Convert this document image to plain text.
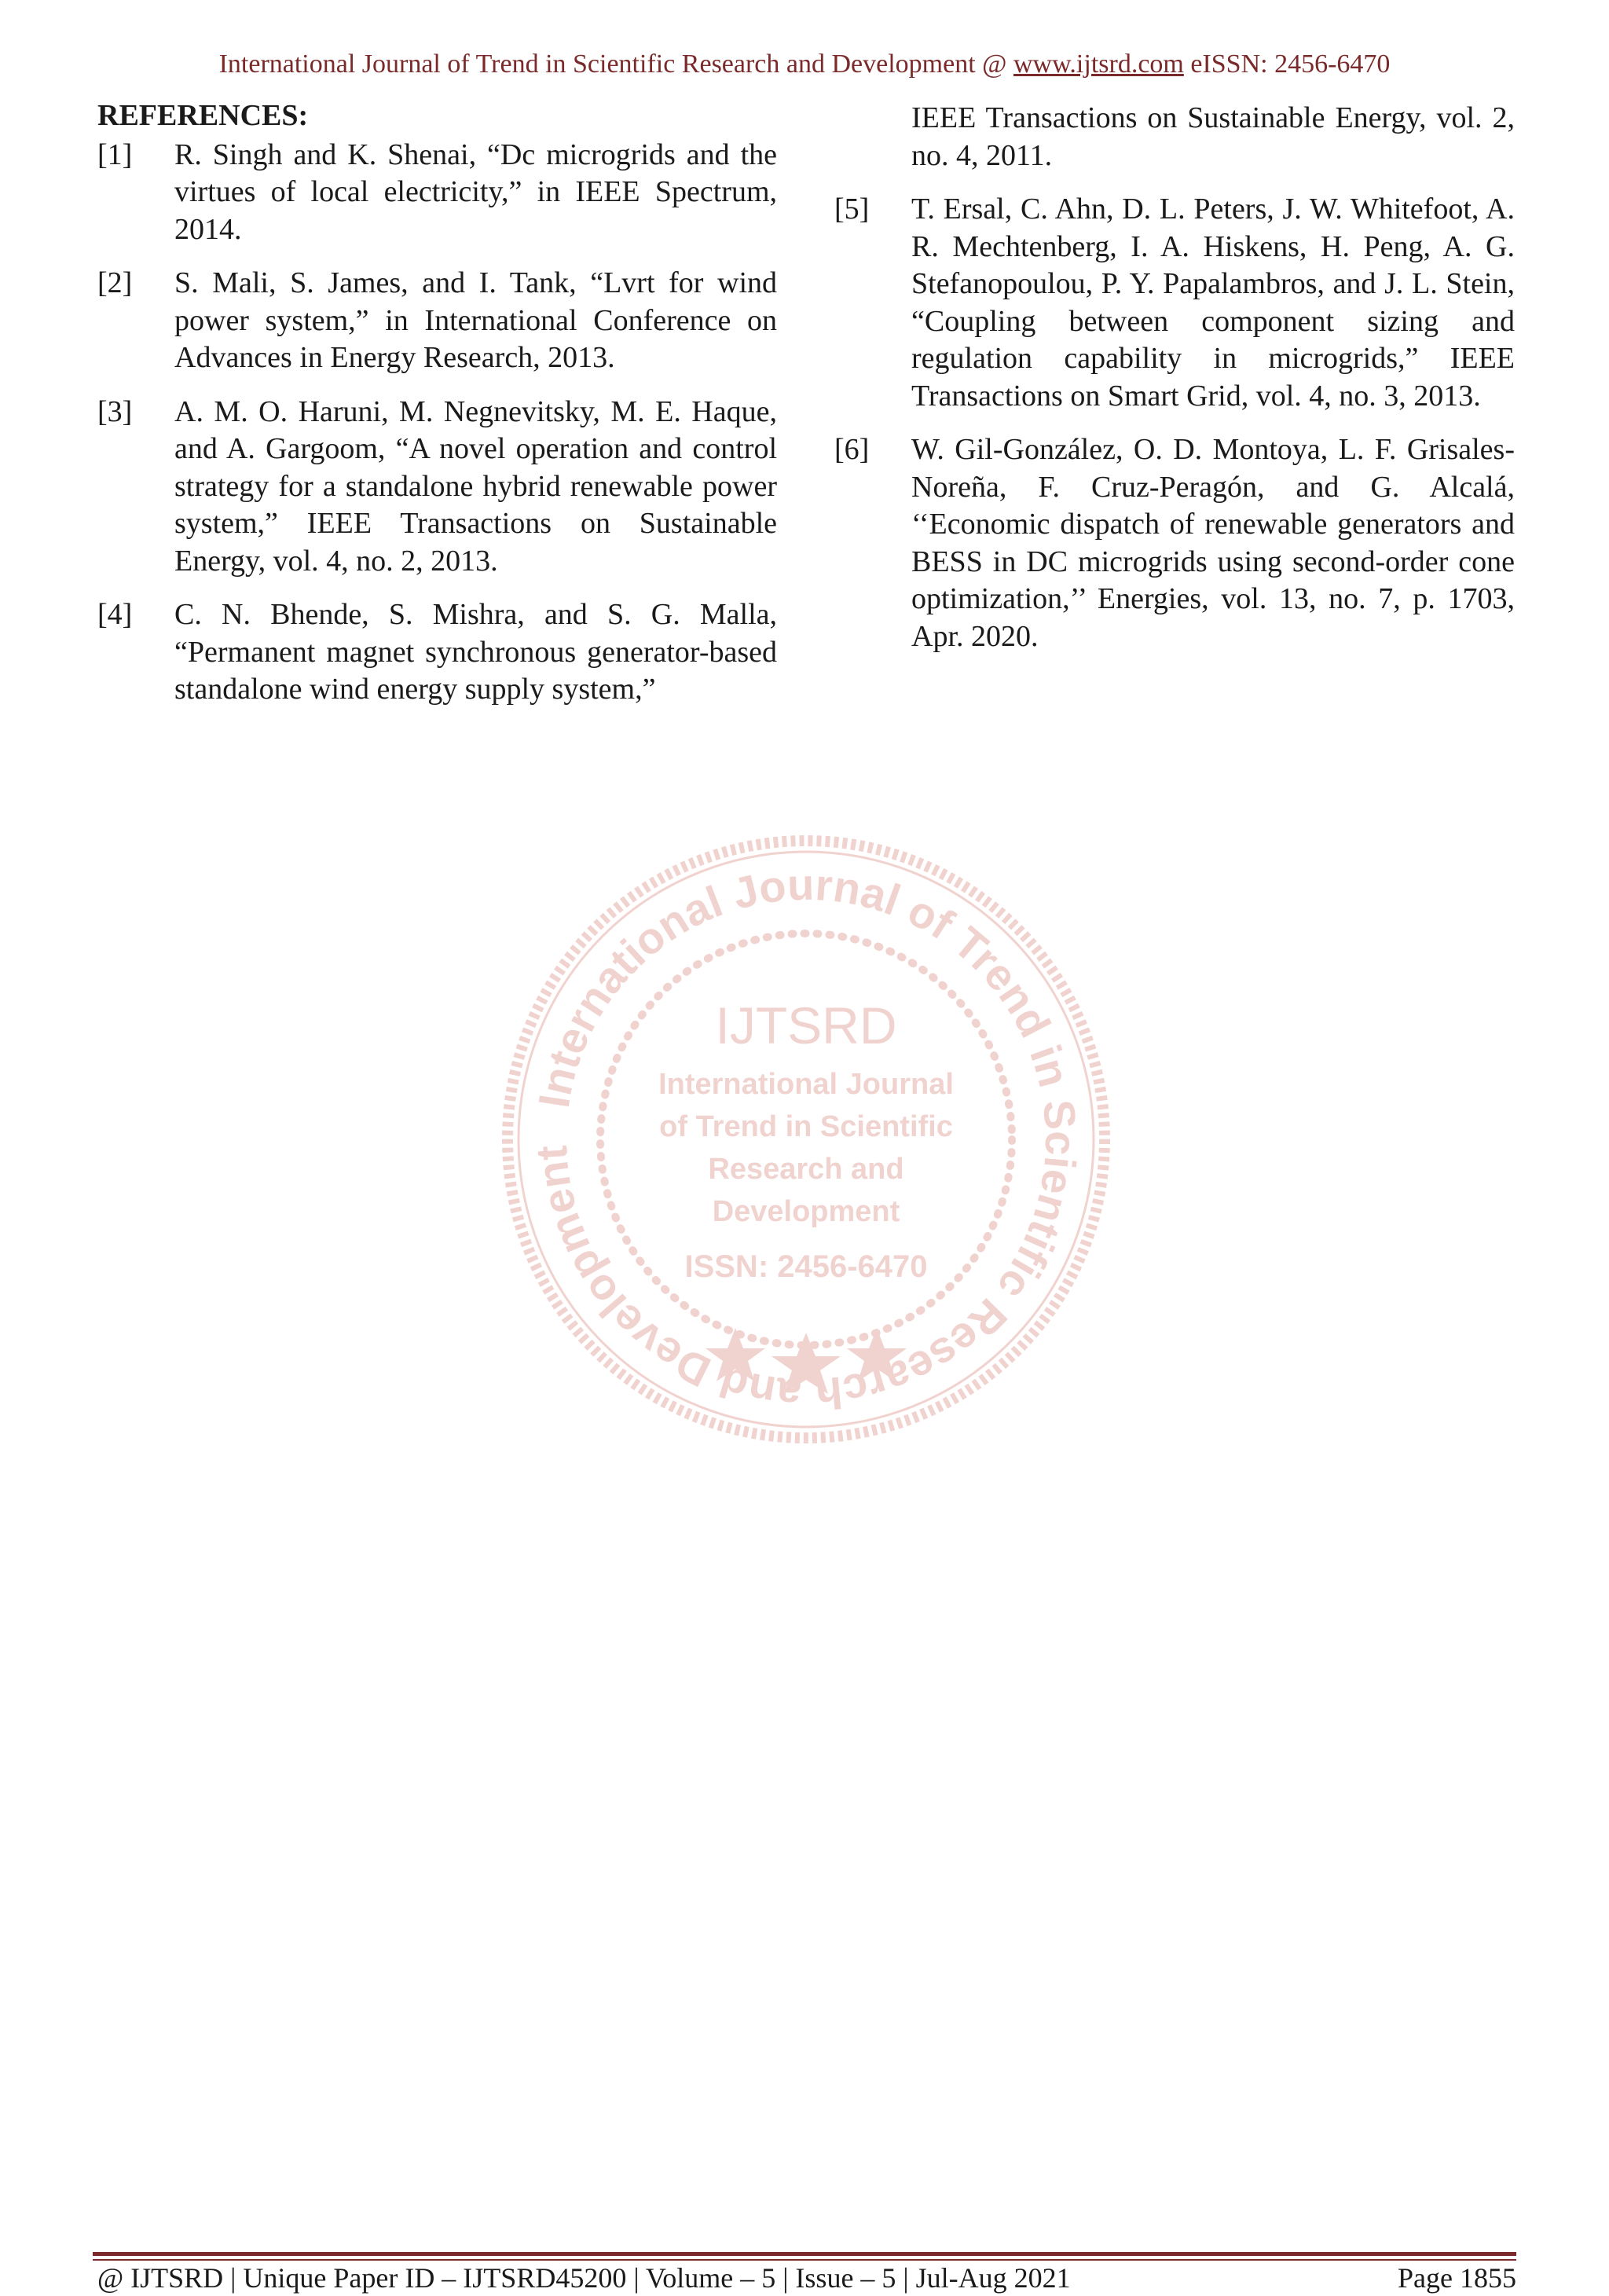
International Journal of Trend in Scientific Research and Development @ www.ijtsrd.com eISSN: 2456-6470
REFERENCES:
[1]	R. Singh and K. Shenai, “Dc microgrids and the virtues of local electricity,” in IEEE Spectrum, 2014.
[2]	S. Mali, S. James, and I. Tank, “Lvrt for wind power system,” in International Conference on Advances in Energy Research, 2013.
[3]	A. M. O. Haruni, M. Negnevitsky, M. E. Haque, and A. Gargoom, “A novel operation and control strategy for a standalone hybrid renewable power system,” IEEE Transactions on Sustainable Energy, vol. 4, no. 2, 2013.
[4]	C. N. Bhende, S. Mishra, and S. G. Malla, “Permanent magnet synchronous generator-based standalone wind energy supply system,”
IEEE Transactions on Sustainable Energy, vol. 2, no. 4, 2011.
[5]	T. Ersal, C. Ahn, D. L. Peters, J. W. Whitefoot, A. R. Mechtenberg, I. A. Hiskens, H. Peng, A. G. Stefanopoulou, P. Y. Papalambros, and J. L. Stein, “Coupling between component sizing and regulation capability in microgrids,” IEEE Transactions on Smart Grid, vol. 4, no. 3, 2013.
[6]	W. Gil-González, O. D. Montoya, L. F. Grisales-Noreña, F. Cruz-Peragón, and G. Alcalá, ‘‘Economic dispatch of renewable generators and BESS in DC microgrids using second-order cone optimization,’’ Energies, vol. 13, no. 7, p. 1703, Apr. 2020.
International Journal of Trend in Scientific Research and Development
IJTSRD
International Journal
of Trend in Scientific
Research and
Development
ISSN: 2456-6470
@ IJTSRD | Unique Paper ID – IJTSRD45200 | Volume – 5 | Issue – 5 | Jul-Aug 2021	Page 1855
